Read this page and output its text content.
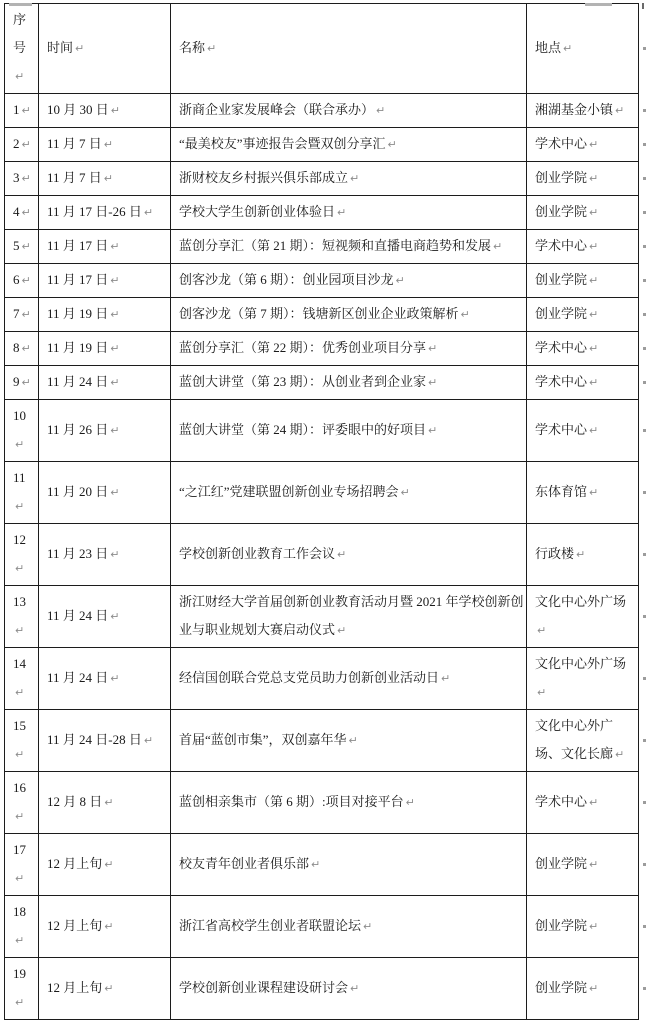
序号↵	时间 ↵	名称 ↵	地点 ↵

1 ↵	10 月 30 日 ↵	浙商企业家发展峰会（联合承办） ↵	湘湖基金小镇 ↵

2 ↵	11 月 7 日 ↵	“最美校友”事迹报告会暨双创分享汇 ↵	学术中心 ↵

3 ↵	11 月 7 日 ↵	浙财校友乡村振兴俱乐部成立 ↵	创业学院 ↵

4 ↵	11 月 17 日-26 日 ↵	学校大学生创新创业体验日 ↵	创业学院 ↵

5 ↵	11 月 17 日 ↵	蓝创分享汇（第 21 期）：短视频和直播电商趋势和发展 ↵	学术中心 ↵

6 ↵	11 月 17 日 ↵	创客沙龙（第 6 期）：创业园项目沙龙 ↵	创业学院 ↵

7 ↵	11 月 19 日 ↵	创客沙龙（第 7 期）：钱塘新区创业企业政策解析 ↵	创业学院 ↵

8 ↵	11 月 19 日 ↵	蓝创分享汇（第 22 期）：优秀创业项目分享 ↵	学术中心 ↵

9 ↵	11 月 24 日 ↵	蓝创大讲堂（第 23 期）：从创业者到企业家 ↵	学术中心 ↵

10↵	11 月 26 日 ↵	蓝创大讲堂（第 24 期）：评委眼中的好项目 ↵	学术中心 ↵

11↵	11 月 20 日 ↵	“之江红”党建联盟创新创业专场招聘会 ↵	东体育馆 ↵

12↵	11 月 23 日 ↵	学校创新创业教育工作会议 ↵	行政楼 ↵

13↵	11 月 24 日 ↵	浙江财经大学首届创新创业教育活动月暨 2021 年学校创新创业与职业规划大赛启动仪式 ↵	文化中心外广场↵

14↵	11 月 24 日 ↵	经信国创联合党总支党员助力创新创业活动日 ↵	文化中心外广场↵

15↵	11 月 24 日-28 日 ↵	首届“蓝创市集”，双创嘉年华 ↵	文化中心外广场、文化长廊 ↵

16↵	12 月 8 日 ↵	蓝创相亲集市（第 6 期）:项目对接平台 ↵	学术中心 ↵

17↵	12 月上旬 ↵	校友青年创业者俱乐部 ↵	创业学院 ↵

18↵	12 月上旬 ↵	浙江省高校学生创业者联盟论坛 ↵	创业学院 ↵

19↵	12 月上旬 ↵	学校创新创业课程建设研讨会 ↵	创业学院 ↵
